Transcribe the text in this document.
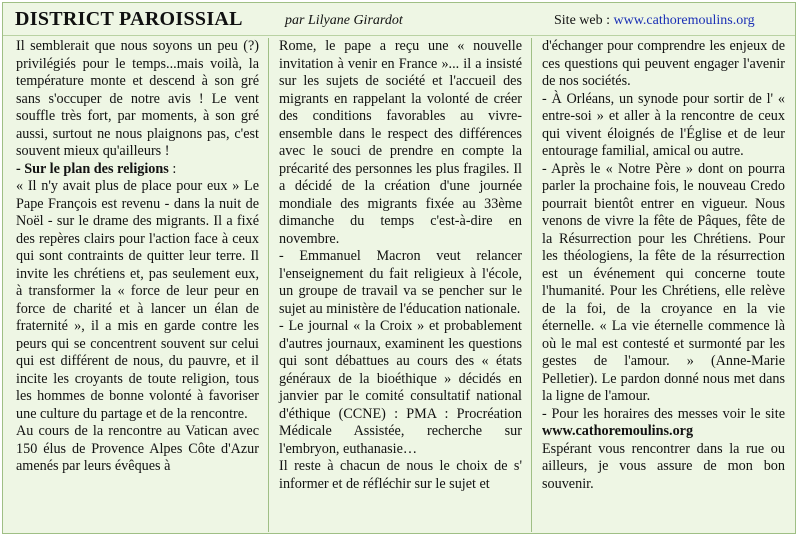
DISTRICT PAROISSIAL	par Lilyane Girardot	Site web : www.cathoremoulins.org

Il semblerait que nous soyons un peu (?) privilégiés pour le temps...mais voilà, la température monte et descend à son gré sans s'occuper de notre avis ! Le vent souffle très fort, par moments, à son gré aussi, surtout ne nous plaignons pas, c'est souvent mieux qu'ailleurs !

- Sur le plan des religions :

« Il n'y avait plus de place pour eux » Le Pape François est revenu - dans la nuit de Noël - sur le drame des migrants. Il a fixé des repères clairs pour l'action face à ceux qui sont contraints de quitter leur terre. Il invite les chrétiens et, pas seulement eux, à transformer la « force de leur peur en force de charité et à lancer un élan de fraternité », il a mis en garde contre les peurs qui se concentrent souvent sur celui qui est différent de nous, du pauvre, et il incite les croyants de toute religion, tous les hommes de bonne volonté à favoriser une culture du partage et de la rencontre.

Au cours de la rencontre au Vatican avec 150 élus de Provence Alpes Côte d'Azur amenés par leurs évêques à

Rome, le pape a reçu une « nouvelle invitation à venir en France »... il a insisté sur les sujets de société et l'accueil des migrants en rappelant la volonté de créer des conditions favorables au vivre-ensemble dans le respect des différences avec le souci de prendre en compte la précarité des personnes les plus fragiles. Il a décidé de la création d'une journée mondiale des migrants fixée au 33ème dimanche du temps c'est-à-dire en novembre.

- Emmanuel Macron veut relancer l'enseignement du fait religieux à l'école, un groupe de travail va se pencher sur le sujet au ministère de l'éducation nationale.

- Le journal « la Croix » et probablement d'autres journaux, examinent les questions qui sont débattues au cours des « états généraux de la bioéthique » décidés en janvier par le comité consultatif national d'éthique (CCNE) : PMA : Procréation Médicale Assistée, recherche sur l'embryon, euthanasie…

Il reste à chacun de nous le choix de s' informer et de réfléchir sur le sujet et

d'échanger pour comprendre les enjeux de ces questions qui peuvent engager l'avenir de nos sociétés.

- À Orléans, un synode pour sortir de l' « entre-soi » et aller à la rencontre de ceux qui vivent éloignés de l'Église et de leur entourage familial, amical ou autre.

- Après le « Notre Père » dont on pourra parler la prochaine fois, le nouveau Credo pourrait bientôt entrer en vigueur. Nous venons de vivre la fête de Pâques, fête de la Résurrection pour les Chrétiens. Pour les théologiens, la fête de la résurrection est un événement qui concerne toute l'humanité. Pour les Chrétiens, elle relève de la foi, de la croyance en la vie éternelle. « La vie éternelle commence là où le mal est contesté et surmonté par les gestes de l'amour. » (Anne-Marie Pelletier). Le pardon donné nous met dans la ligne de l'amour.

- Pour les horaires des messes voir le site www.cathoremoulins.org

Espérant vous rencontrer dans la rue ou ailleurs, je vous assure de mon bon souvenir.
